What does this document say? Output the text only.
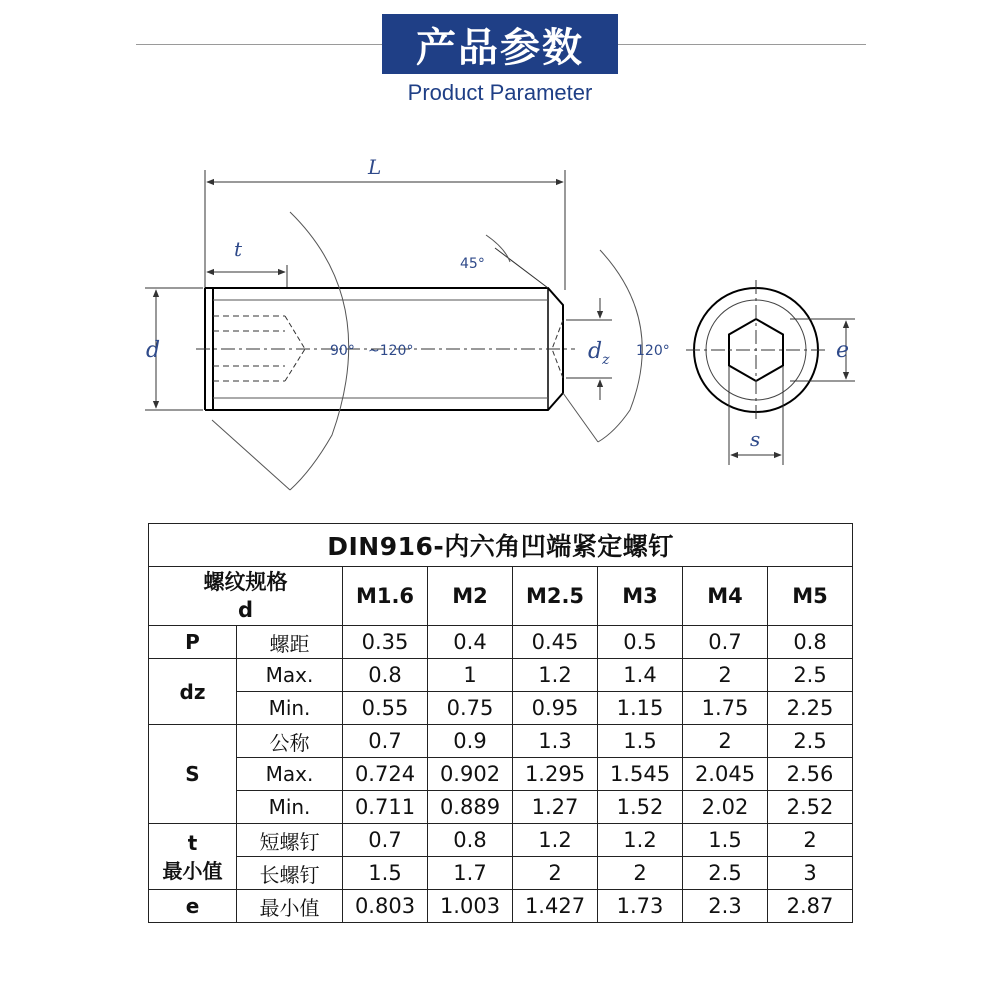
产品参数
Product Parameter
L
t
d	90° ~120°
45°
120°
$d_z$	e
s
DIN916-内六角凹端紧定螺钉							

螺纹规格
d		M1.6	M2	M2.5	M3	M4	M5
P	螺距	0.35	0.4	0.45	0.5	0.7	0.8
dz	Max.	0.8	1	1.2	1.4	2	2.5
	Min.	0.55	0.75	0.95	1.15	1.75	2.25
S	公称	0.7	0.9	1.3	1.5	2	2.5
	Max.	0.724	0.902	1.295	1.545	2.045	2.56
	Min.	0.711	0.889	1.27	1.52	2.02	2.52

t
最小值	短螺钉	0.7	0.8	1.2	1.2	1.5	2
	长螺钉	1.5	1.7	2	2	2.5	3
e	最小值	0.803	1.003	1.427	1.73	2.3	2.87
